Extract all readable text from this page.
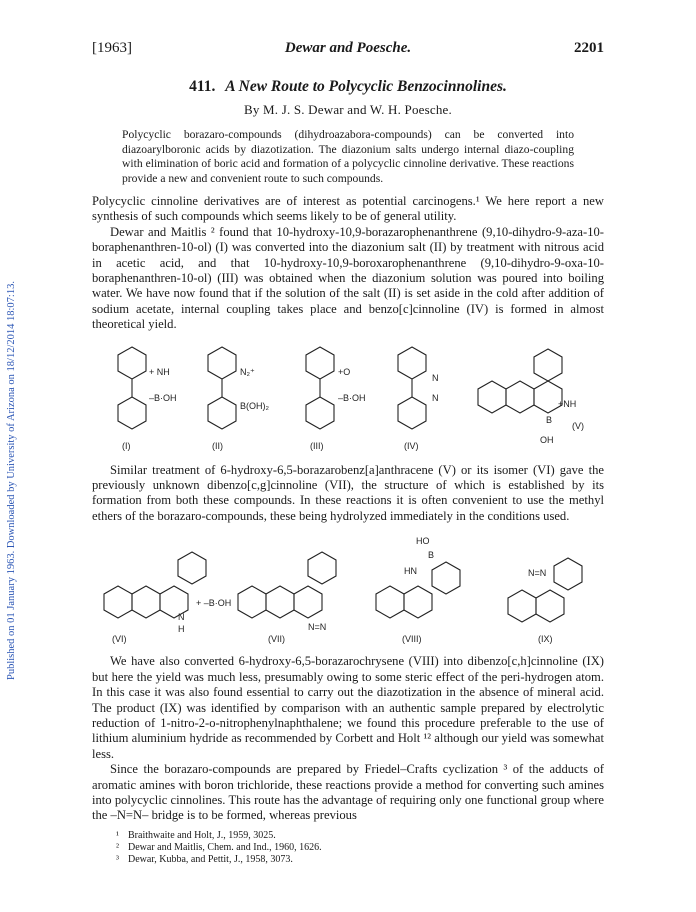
Published on 01 January 1963. Downloaded by University of Arizona on 18/12/2014 18:07:13.
[1963]	Dewar and Poesche.	2201
411. A New Route to Polycyclic Benzocinnolines.
By M. J. S. Dewar and W. H. Poesche.
Polycyclic borazaro-compounds (dihydroazabora-compounds) can be converted into diazoarylboronic acids by diazotization. The diazonium salts undergo internal diazo-coupling with elimination of boric acid and formation of a polycyclic cinnoline derivative. These reactions provide a new and convenient route to such compounds.

Polycyclic cinnoline derivatives are of interest as potential carcinogens.¹ We here report a new synthesis of such compounds which seems likely to be of general utility.

Dewar and Maitlis ² found that 10-hydroxy-10,9-borazarophenanthrene (9,10-dihydro-9-aza-10-boraphenanthren-10-ol) (I) was converted into the diazonium salt (II) by treatment with nitrous acid in acetic acid, and that 10-hydroxy-10,9-boroxarophenanthrene (9,10-dihydro-9-oxa-10-boraphenanthren-10-ol) (III) was obtained when the diazonium solution was poured into boiling water. We have now found that if the solution of the salt (II) is set aside in the cold after addition of sodium acetate, internal coupling takes place and benzo[c]cinnoline (IV) is formed in almost theoretical yield.

+ NH
–B·OH
(I)
N₂⁺
B(OH)₂
(II)
+O
–B·OH
(III)
N
N
(IV)
+NH
B
OH
(V)

Similar treatment of 6-hydroxy-6,5-borazarobenz[a]anthracene (V) or its isomer (VI) gave the previously unknown dibenzo[c,g]cinnoline (VII), the structure of which is established by its formation from both these compounds. In these reactions it is often convenient to use the methyl ethers of the borazaro-compounds, these being hydrolyzed immediately in the conditions used.

+ –B·OH
N
H
(VI)
N=N
(VII)
HO
B
HN
(VIII)
N=N
(IX)

We have also converted 6-hydroxy-6,5-borazarochrysene (VIII) into dibenzo[c,h]cinnoline (IX) but here the yield was much less, presumably owing to some steric effect of the peri-hydrogen atom. In this case it was also found essential to carry out the diazotization in the absence of mineral acid. The product (IX) was identified by comparison with an authentic sample prepared by electrolytic reduction of 1-nitro-2-o-nitrophenylnaphthalene; we found this procedure preferable to the use of lithium aluminium hydride as recommended by Corbett and Holt ¹² although our yield was somewhat less.

Since the borazaro-compounds are prepared by Friedel–Crafts cyclization ³ of the adducts of aromatic amines with boron trichloride, these reactions provide a method for converting such amines into polycyclic cinnolines. This route has the advantage of requiring only one functional group where the –N=N– bridge is to be formed, whereas previous

¹ Braithwaite and Holt, J., 1959, 3025.
² Dewar and Maitlis, Chem. and Ind., 1960, 1626.
³ Dewar, Kubba, and Pettit, J., 1958, 3073.
